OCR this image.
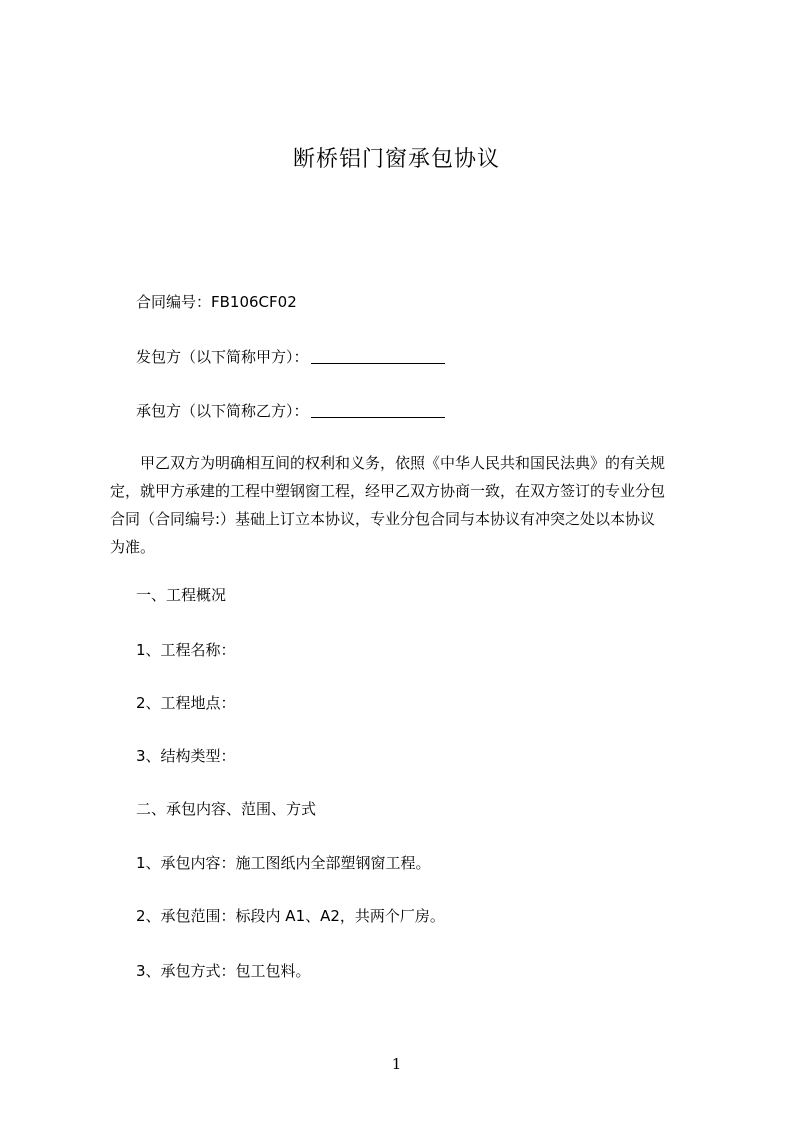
断桥铝门窗承包协议
合同编号：FB106CF02
发包方（以下简称甲方）：
承包方（以下简称乙方）：
甲乙双方为明确相互间的权利和义务，依照《中华人民共和国民法典》的有关规
定，就甲方承建的工程中塑钢窗工程，经甲乙双方协商一致，在双方签订的专业分包
合同（合同编号:）基础上订立本协议，专业分包合同与本协议有冲突之处以本协议
为准。
一、工程概况
1、工程名称：
2、工程地点：
3、结构类型：
二、承包内容、范围、方式
1、承包内容：施工图纸内全部塑钢窗工程。
2、承包范围：标段内 A1、A2，共两个厂房。
3、承包方式：包工包料。
1
